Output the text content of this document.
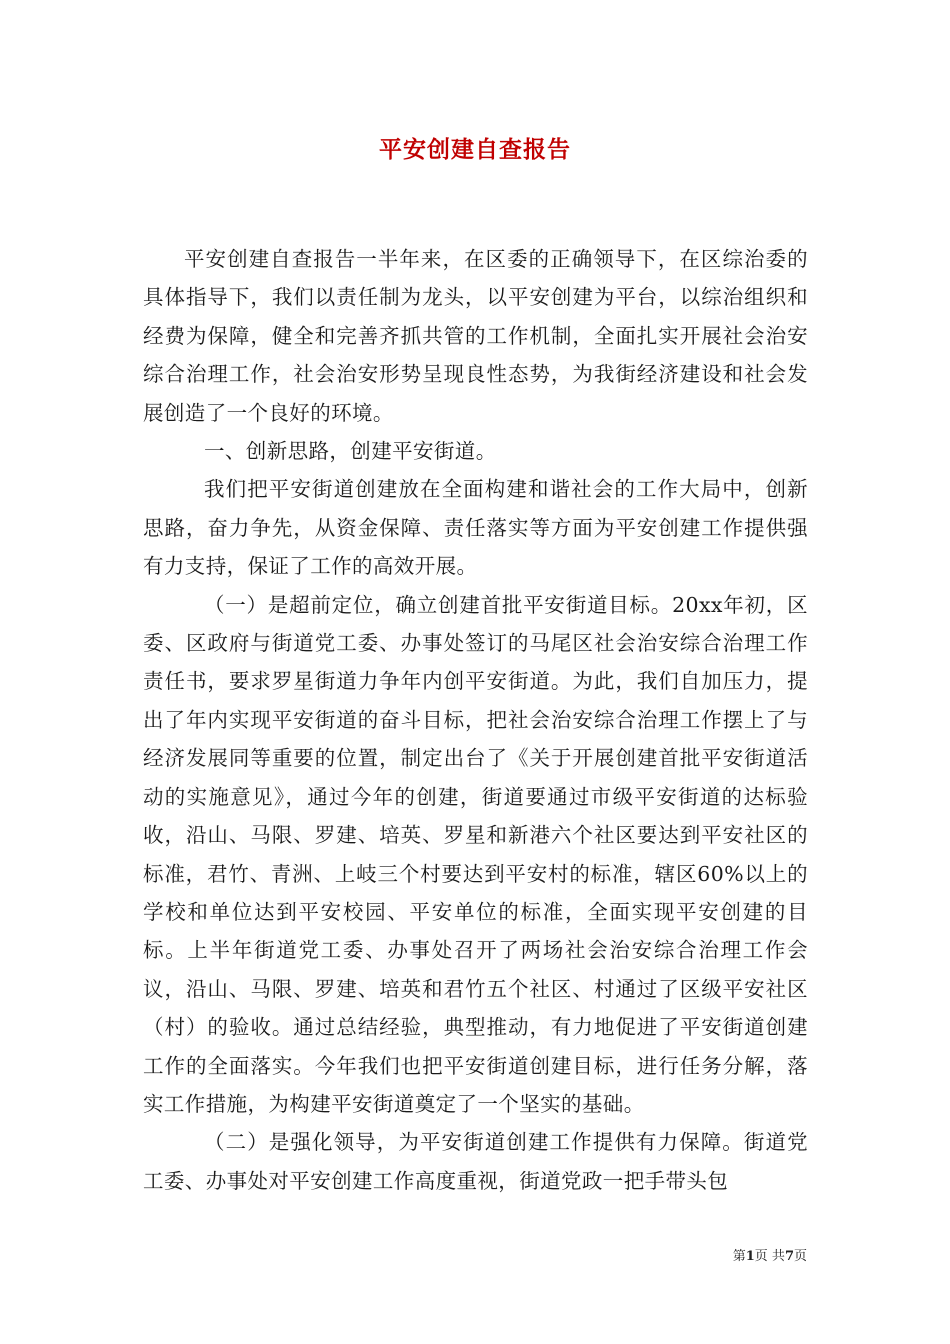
平安创建自查报告

平安创建自查报告一半年来，在区委的正确领导下，在区综治委的具体指导下，我们以责任制为龙头，以平安创建为平台，以综治组织和经费为保障，健全和完善齐抓共管的工作机制，全面扎实开展社会治安综合治理工作，社会治安形势呈现良性态势，为我街经济建设和社会发展创造了一个良好的环境。

一、创新思路，创建平安街道。

我们把平安街道创建放在全面构建和谐社会的工作大局中，创新思路，奋力争先，从资金保障、责任落实等方面为平安创建工作提供强有力支持，保证了工作的高效开展。

（一）是超前定位，确立创建首批平安街道目标。20xx年初，区委、区政府与街道党工委、办事处签订的马尾区社会治安综合治理工作责任书，要求罗星街道力争年内创平安街道。为此，我们自加压力，提出了年内实现平安街道的奋斗目标，把社会治安综合治理工作摆上了与经济发展同等重要的位置，制定出台了《关于开展创建首批平安街道活动的实施意见》，通过今年的创建，街道要通过市级平安街道的达标验收，沿山、马限、罗建、培英、罗星和新港六个社区要达到平安社区的标准，君竹、青洲、上岐三个村要达到平安村的标准，辖区60%以上的学校和单位达到平安校园、平安单位的标准，全面实现平安创建的目标。上半年街道党工委、办事处召开了两场社会治安综合治理工作会议，沿山、马限、罗建、培英和君竹五个社区、村通过了区级平安社区（村）的验收。通过总结经验，典型推动，有力地促进了平安街道创建工作的全面落实。今年我们也把平安街道创建目标，进行任务分解，落实工作措施，为构建平安街道奠定了一个坚实的基础。

（二）是强化领导，为平安街道创建工作提供有力保障。街道党工委、办事处对平安创建工作高度重视，街道党政一把手带头包

第1页 共7页
